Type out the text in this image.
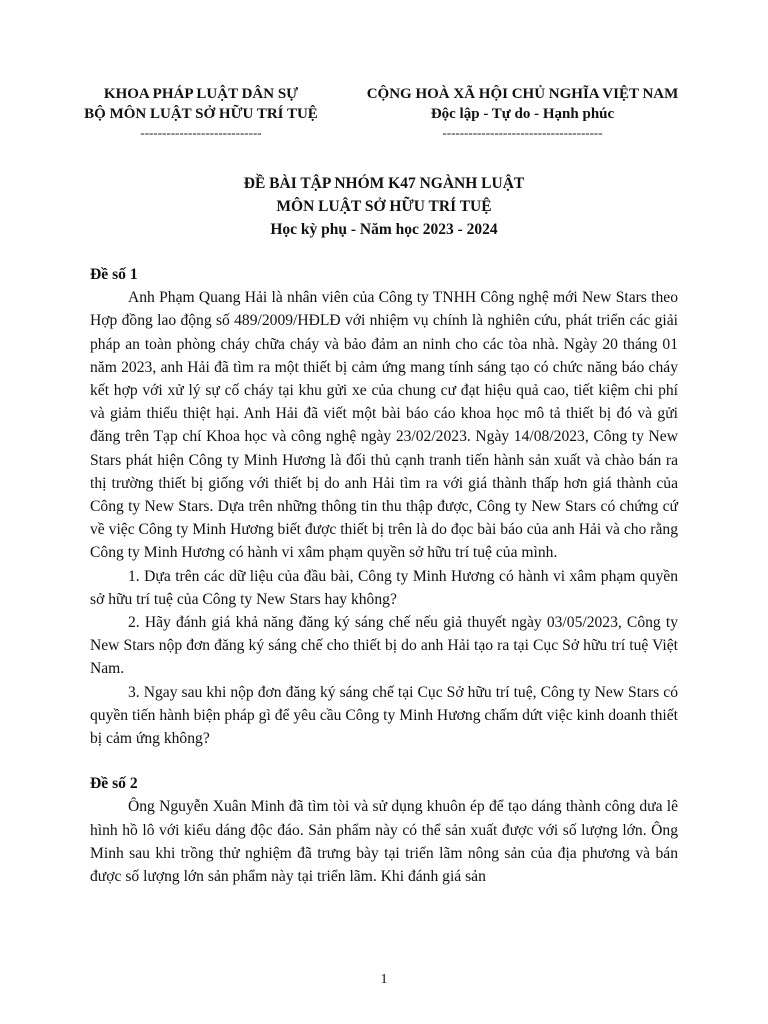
KHOA PHÁP LUẬT DÂN SỰ
BỘ MÔN LUẬT SỞ HỮU TRÍ TUỆ
----------------------------
CỘNG HOÀ XÃ HỘI CHỦ NGHĨA VIỆT NAM
Độc lập - Tự do - Hạnh phúc
-------------------------------------
ĐỀ BÀI TẬP NHÓM K47 NGÀNH LUẬT
MÔN LUẬT SỞ HỮU TRÍ TUỆ
Học kỳ phụ - Năm học 2023 - 2024

Đề số 1

Anh Phạm Quang Hải là nhân viên của Công ty TNHH Công nghệ mới New Stars theo Hợp đồng lao động số 489/2009/HĐLĐ với nhiệm vụ chính là nghiên cứu, phát triển các giải pháp an toàn phòng cháy chữa cháy và bảo đảm an ninh cho các tòa nhà. Ngày 20 tháng 01 năm 2023, anh Hải đã tìm ra một thiết bị cảm ứng mang tính sáng tạo có chức năng báo cháy kết hợp với xử lý sự cố cháy tại khu gửi xe của chung cư đạt hiệu quả cao, tiết kiệm chi phí và giảm thiểu thiệt hại. Anh Hải đã viết một bài báo cáo khoa học mô tả thiết bị đó và gửi đăng trên Tạp chí Khoa học và công nghệ ngày 23/02/2023. Ngày 14/08/2023, Công ty New Stars phát hiện Công ty Minh Hương là đối thủ cạnh tranh tiến hành sản xuất và chào bán ra thị trường thiết bị giống với thiết bị do anh Hải tìm ra với giá thành thấp hơn giá thành của Công ty New Stars. Dựa trên những thông tin thu thập được, Công ty New Stars có chứng cứ về việc Công ty Minh Hương biết được thiết bị trên là do đọc bài báo của anh Hải và cho rằng Công ty Minh Hương có hành vi xâm phạm quyền sở hữu trí tuệ của mình.

1. Dựa trên các dữ liệu của đầu bài, Công ty Minh Hương có hành vi xâm phạm quyền sở hữu trí tuệ của Công ty New Stars hay không?

2. Hãy đánh giá khả năng đăng ký sáng chế nếu giả thuyết ngày 03/05/2023, Công ty New Stars nộp đơn đăng ký sáng chế cho thiết bị do anh Hải tạo ra tại Cục Sở hữu trí tuệ Việt Nam.

3. Ngay sau khi nộp đơn đăng ký sáng chế tại Cục Sở hữu trí tuệ, Công ty New Stars có quyền tiến hành biện pháp gì để yêu cầu Công ty Minh Hương chấm dứt việc kinh doanh thiết bị cảm ứng không?

Đề số 2

Ông Nguyễn Xuân Minh đã tìm tòi và sử dụng khuôn ép để tạo dáng thành công dưa lê hình hồ lô với kiểu dáng độc đáo. Sản phẩm này có thể sản xuất được với số lượng lớn. Ông Minh sau khi trồng thử nghiệm đã trưng bày tại triển lãm nông sản của địa phương và bán được số lượng lớn sản phẩm này tại triển lãm. Khi đánh giá sản

1
